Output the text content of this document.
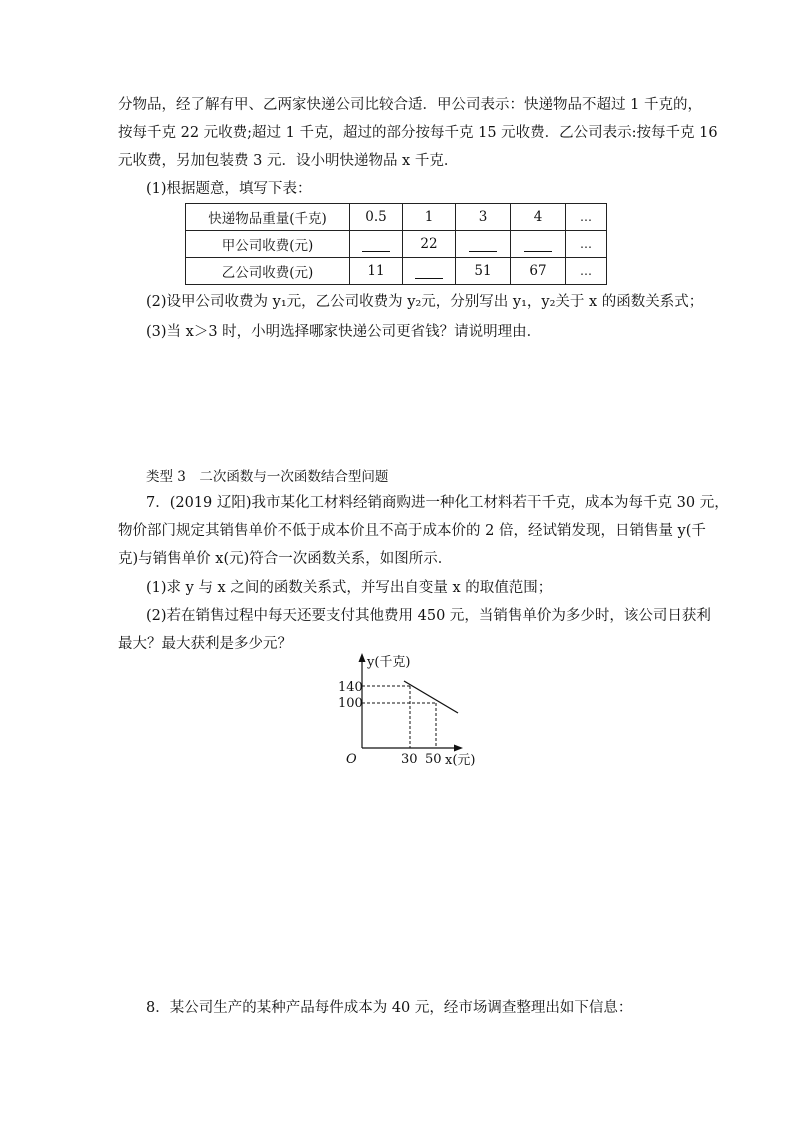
分物品，经了解有甲、乙两家快递公司比较合适．甲公司表示：快递物品不超过 1 千克的，
按每千克 22 元收费;超过 1 千克，超过的部分按每千克 15 元收费．乙公司表示:按每千克 16
元收费，另加包装费 3 元．设小明快递物品 x 千克．
(1)根据题意，填写下表：
快递物品重量(千克)	0.5	1	3	4	…
甲公司收费(元)		22			…
乙公司收费(元)	11		51	67	…
(2)设甲公司收费为 y₁元，乙公司收费为 y₂元，分别写出 y₁，y₂关于 x 的函数关系式；
(3)当 x＞3 时，小明选择哪家快递公司更省钱？请说明理由．
类型 3　二次函数与一次函数结合型问题
7．(2019 辽阳)我市某化工材料经销商购进一种化工材料若干千克，成本为每千克 30 元，
物价部门规定其销售单价不低于成本价且不高于成本价的 2 倍，经试销发现，日销售量 y(千
克)与销售单价 x(元)符合一次函数关系，如图所示．
(1)求 y 与 x 之间的函数关系式，并写出自变量 x 的取值范围；
(2)若在销售过程中每天还要支付其他费用 450 元，当销售单价为多少时，该公司日获利
最大？最大获利是多少元？
y(千克)
140
100
O	30 50 x(元)
8．某公司生产的某种产品每件成本为 40 元，经市场调查整理出如下信息：
